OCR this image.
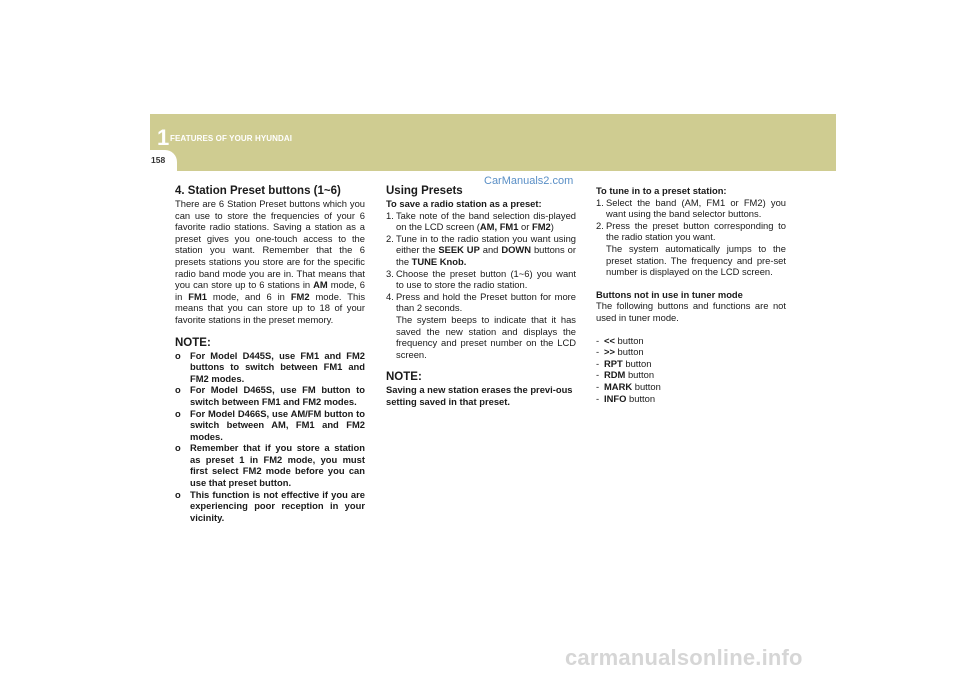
1 FEATURES OF YOUR HYUNDAI
158
CarManuals2.com
carmanualsonline.info
4. Station Preset buttons (1~6)

There are 6 Station Preset buttons which you can use to store the frequencies of your 6 favorite radio stations. Saving a station as a preset gives you one-touch access to the station you want. Remember that the 6 presets stations you store are for the specific radio band mode you are in. That means that you can store up to 6 stations in AM mode, 6 in FM1 mode, and 6 in FM2 mode. This means that you can store up to 18 of your favorite stations in the preset memory.

NOTE:
o For Model D445S, use FM1 and FM2 buttons to switch between FM1 and FM2 modes.
o For Model D465S, use FM button to switch between FM1 and FM2 modes.
o For Model D466S, use AM/FM button to switch between AM, FM1 and FM2 modes.
o Remember that if you store a station as preset 1 in FM2 mode, you must first select FM2 mode before you can use that preset button.
o This function is not effective if you are experiencing poor reception in your vicinity.
Using Presets
To save a radio station as a preset:
1. Take note of the band selection dis-played on the LCD screen (AM, FM1 or FM2)
2. Tune in to the radio station you want using either the SEEK UP and DOWN buttons or the TUNE Knob.
3. Choose the preset button (1~6) you want to use to store the radio station.
4. Press and hold the Preset button for more than 2 seconds.
The system beeps to indicate that it has saved the new station and displays the frequency and preset number on the LCD screen.
NOTE:
Saving a new station erases the previ-ous setting saved in that preset.
To tune in to a preset station:
1. Select the band (AM, FM1 or FM2) you want using the band selector buttons.
2. Press the preset button corresponding to the radio station you want.
The system automatically jumps to the preset station. The frequency and pre-set number is displayed on the LCD screen.
Buttons not in use in tuner mode

The following buttons and functions are not used in tuner mode.

- << button
- >> button
- RPT button
- RDM button
- MARK button
- INFO button
